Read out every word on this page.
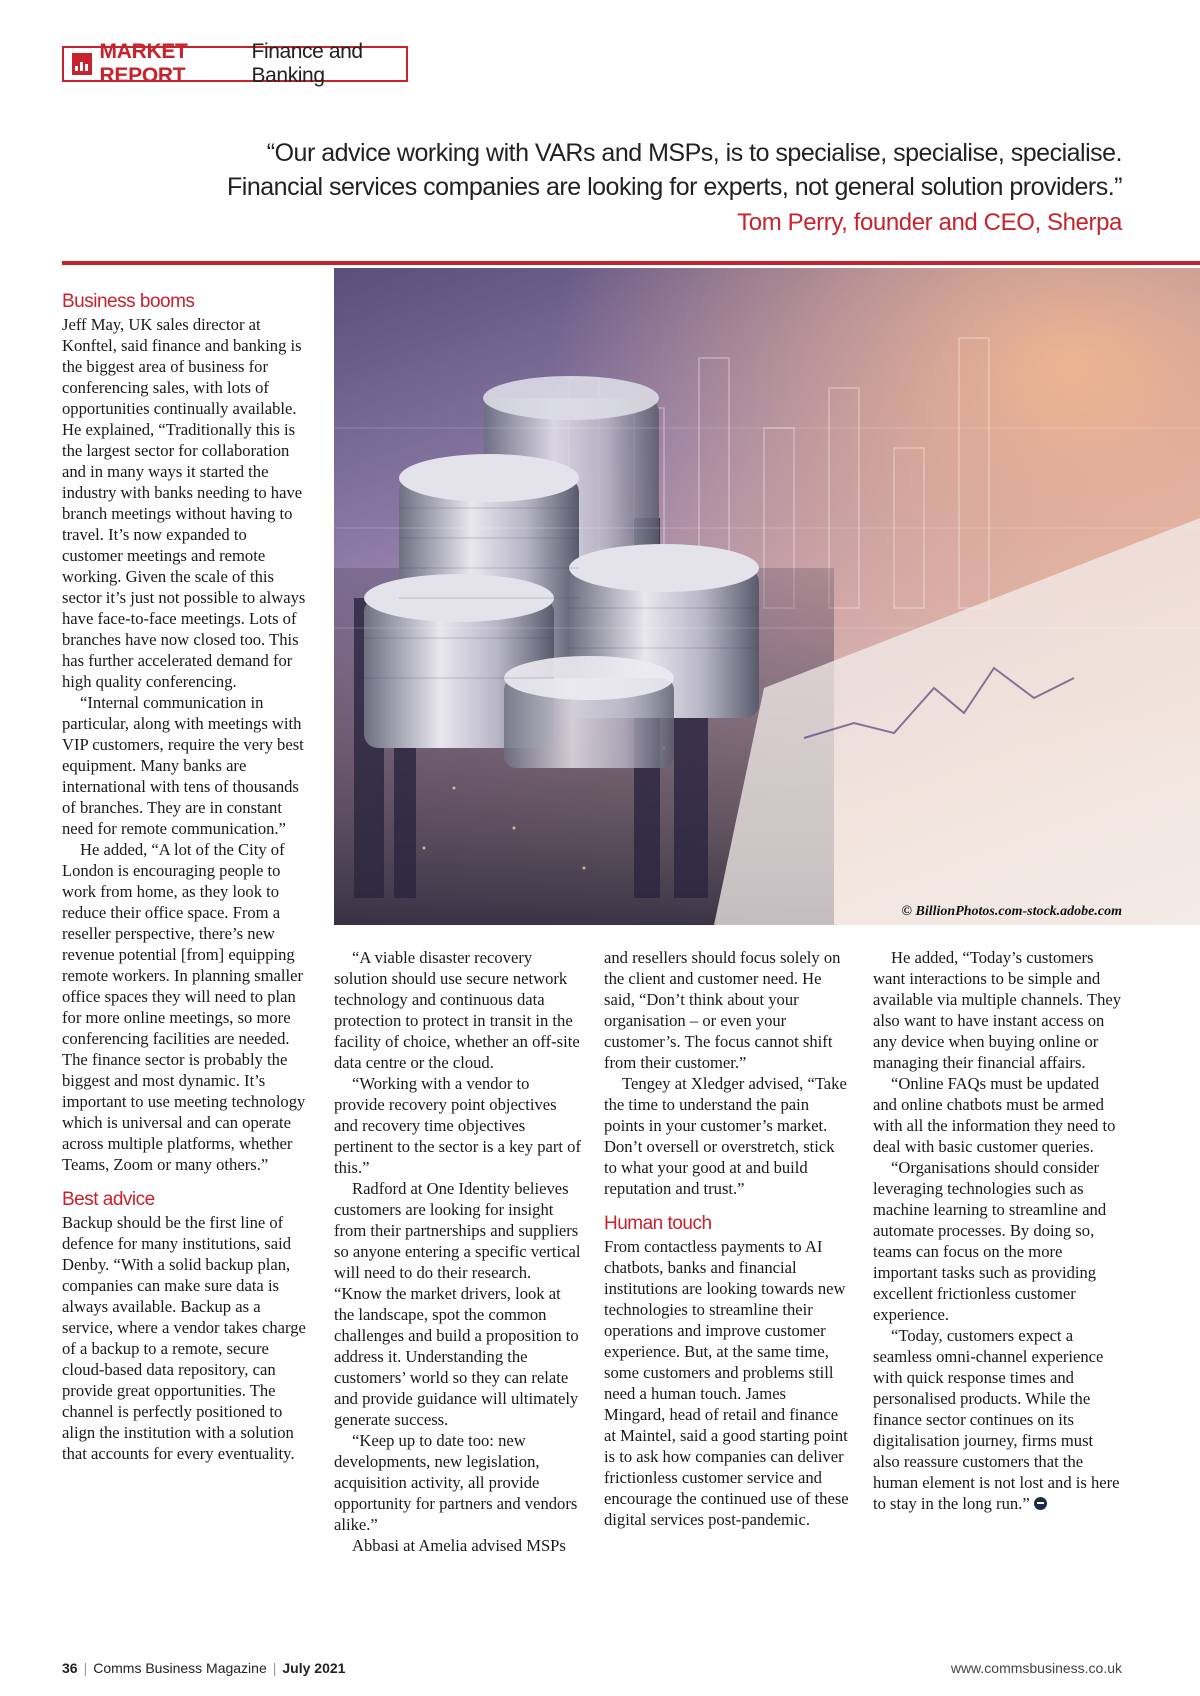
MARKET REPORT
Finance and Banking
“Our advice working with VARs and MSPs, is to specialise, specialise, specialise.
Financial services companies are looking for experts, not general solution providers.”
Tom Perry, founder and CEO, Sherpa
© BillionPhotos.com-stock.adobe.com
Business booms

Jeff May, UK sales director at Konftel, said finance and banking is the biggest area of business for conferencing sales, with lots of opportunities continually available. He explained, “Traditionally this is the largest sector for collaboration and in many ways it started the industry with banks needing to have branch meetings without having to travel. It’s now expanded to customer meetings and remote working. Given the scale of this sector it’s just not possible to always have face-to-face meetings. Lots of branches have now closed too. This has further accelerated demand for high quality conferencing.

“Internal communication in particular, along with meetings with VIP customers, require the very best equipment. Many banks are international with tens of thousands of branches. They are in constant need for remote communication.”

He added, “A lot of the City of London is encouraging people to work from home, as they look to reduce their office space. From a reseller perspective, there’s new revenue potential [from] equipping remote workers. In planning smaller office spaces they will need to plan for more online meetings, so more conferencing facilities are needed. The finance sector is probably the biggest and most dynamic. It’s important to use meeting technology which is universal and can operate across multiple platforms, whether Teams, Zoom or many others.”

Best advice

Backup should be the first line of defence for many institutions, said Denby. “With a solid backup plan, companies can make sure data is always available. Backup as a service, where a vendor takes charge of a backup to a remote, secure cloud-based data repository, can provide great opportunities. The channel is perfectly positioned to align the institution with a solution that accounts for every eventuality.

“A viable disaster recovery solution should use secure network technology and continuous data protection to protect in transit in the facility of choice, whether an off-site data centre or the cloud.

“Working with a vendor to provide recovery point objectives and recovery time objectives pertinent to the sector is a key part of this.”

Radford at One Identity believes customers are looking for insight from their partnerships and suppliers so anyone entering a specific vertical will need to do their research. “Know the market drivers, look at the landscape, spot the common challenges and build a proposition to address it. Understanding the customers’ world so they can relate and provide guidance will ultimately generate success.

“Keep up to date too: new developments, new legislation, acquisition activity, all provide opportunity for partners and vendors alike.”

Abbasi at Amelia advised MSPs

and resellers should focus solely on the client and customer need. He said, “Don’t think about your organisation – or even your customer’s. The focus cannot shift from their customer.”

Tengey at Xledger advised, “Take the time to understand the pain points in your customer’s market. Don’t oversell or overstretch, stick to what your good at and build reputation and trust.”

Human touch

From contactless payments to AI chatbots, banks and financial institutions are looking towards new technologies to streamline their operations and improve customer experience. But, at the same time, some customers and problems still need a human touch. James Mingard, head of retail and finance at Maintel, said a good starting point is to ask how companies can deliver frictionless customer service and encourage the continued use of these digital services post-pandemic.

He added, “Today’s customers want interactions to be simple and available via multiple channels. They also want to have instant access on any device when buying online or managing their financial affairs.

“Online FAQs must be updated and online chatbots must be armed with all the information they need to deal with basic customer queries.

“Organisations should consider leveraging technologies such as machine learning to streamline and automate processes. By doing so, teams can focus on the more important tasks such as providing excellent frictionless customer experience.

“Today, customers expect a seamless omni-channel experience with quick response times and personalised products. While the finance sector continues on its digitalisation journey, firms must also reassure customers that the human element is not lost and is here to stay in the long run.”

36 | Comms Business Magazine | July 2021	www.commsbusiness.co.uk
